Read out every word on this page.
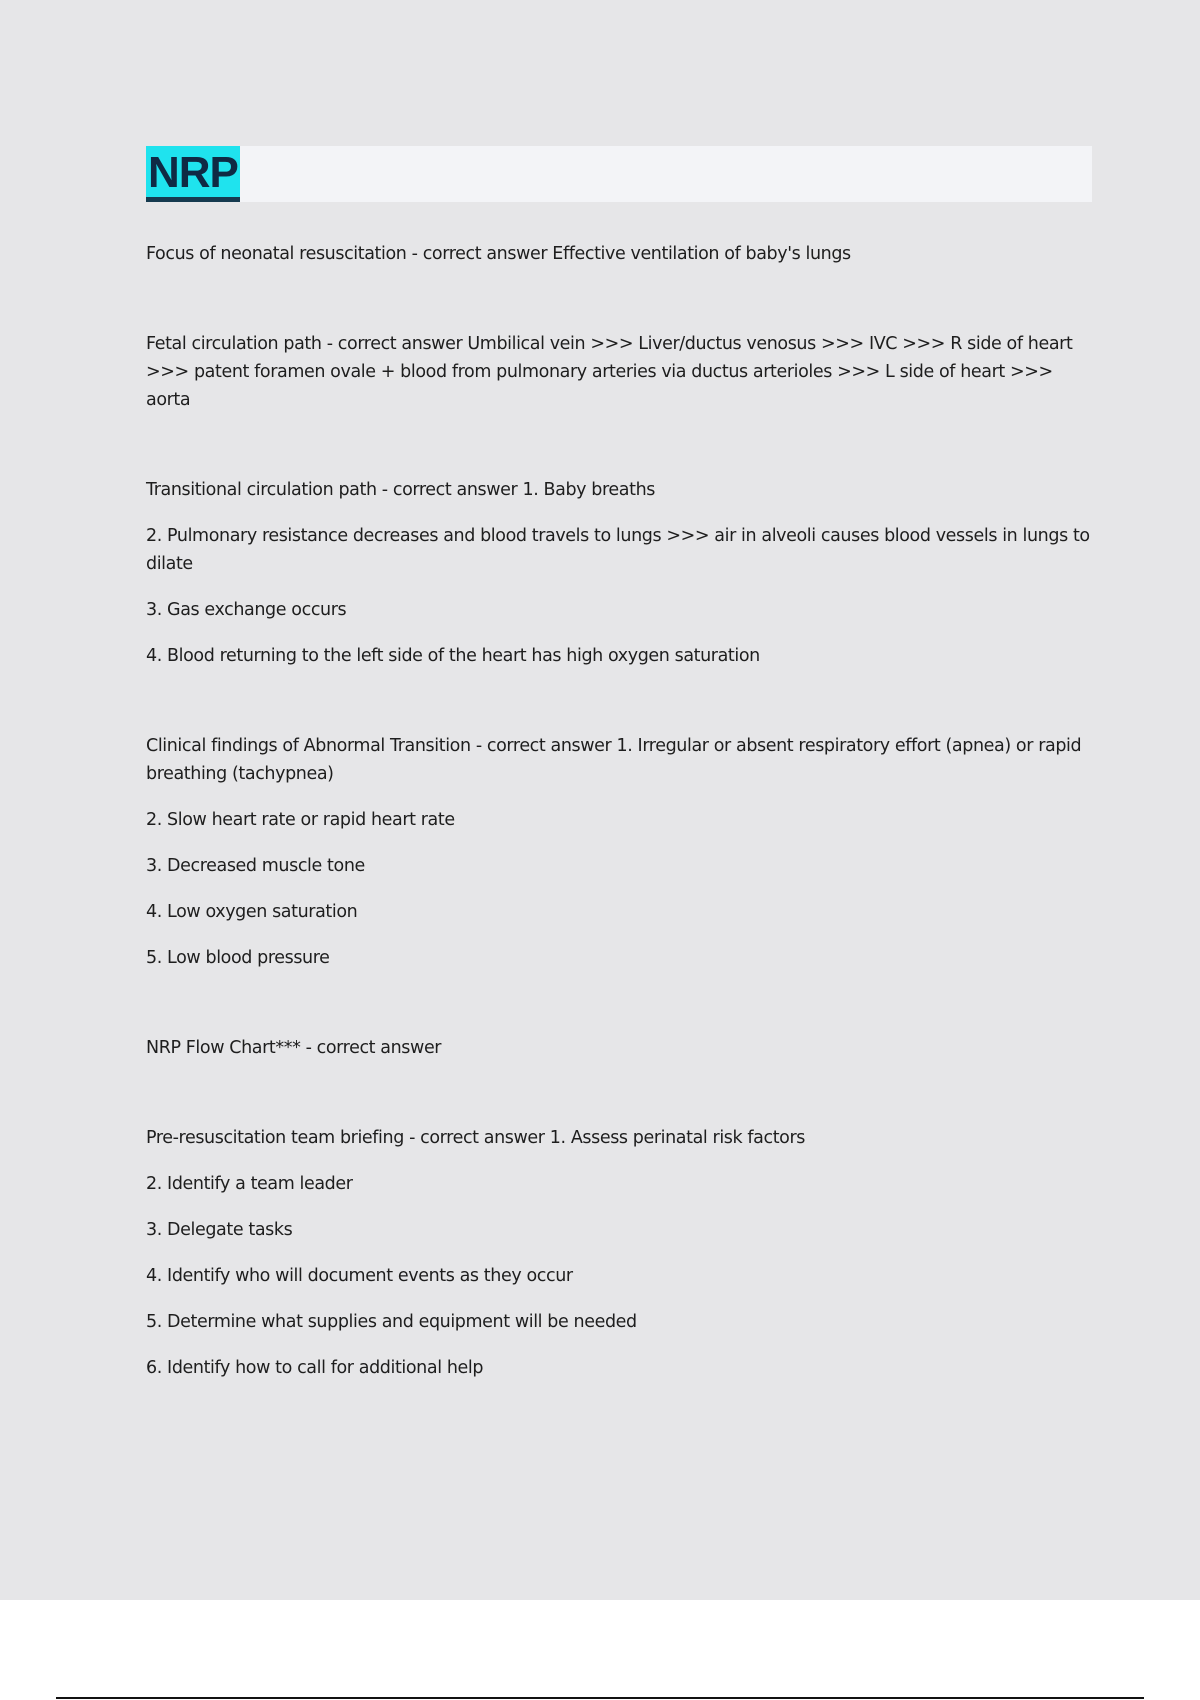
NRP

Focus of neonatal resuscitation - correct answer Effective ventilation of baby's lungs

Fetal circulation path - correct answer Umbilical vein >>> Liver/ductus venosus >>> IVC >>> R side of heart >>> patent foramen ovale + blood from pulmonary arteries via ductus arterioles >>> L side of heart >>> aorta

Transitional circulation path - correct answer 1. Baby breaths

2. Pulmonary resistance decreases and blood travels to lungs >>> air in alveoli causes blood vessels in lungs to dilate

3. Gas exchange occurs

4. Blood returning to the left side of the heart has high oxygen saturation

Clinical findings of Abnormal Transition - correct answer 1. Irregular or absent respiratory effort (apnea) or rapid breathing (tachypnea)

2. Slow heart rate or rapid heart rate

3. Decreased muscle tone

4. Low oxygen saturation

5. Low blood pressure

NRP Flow Chart*** - correct answer

Pre-resuscitation team briefing - correct answer 1. Assess perinatal risk factors

2. Identify a team leader

3. Delegate tasks

4. Identify who will document events as they occur

5. Determine what supplies and equipment will be needed

6. Identify how to call for additional help
